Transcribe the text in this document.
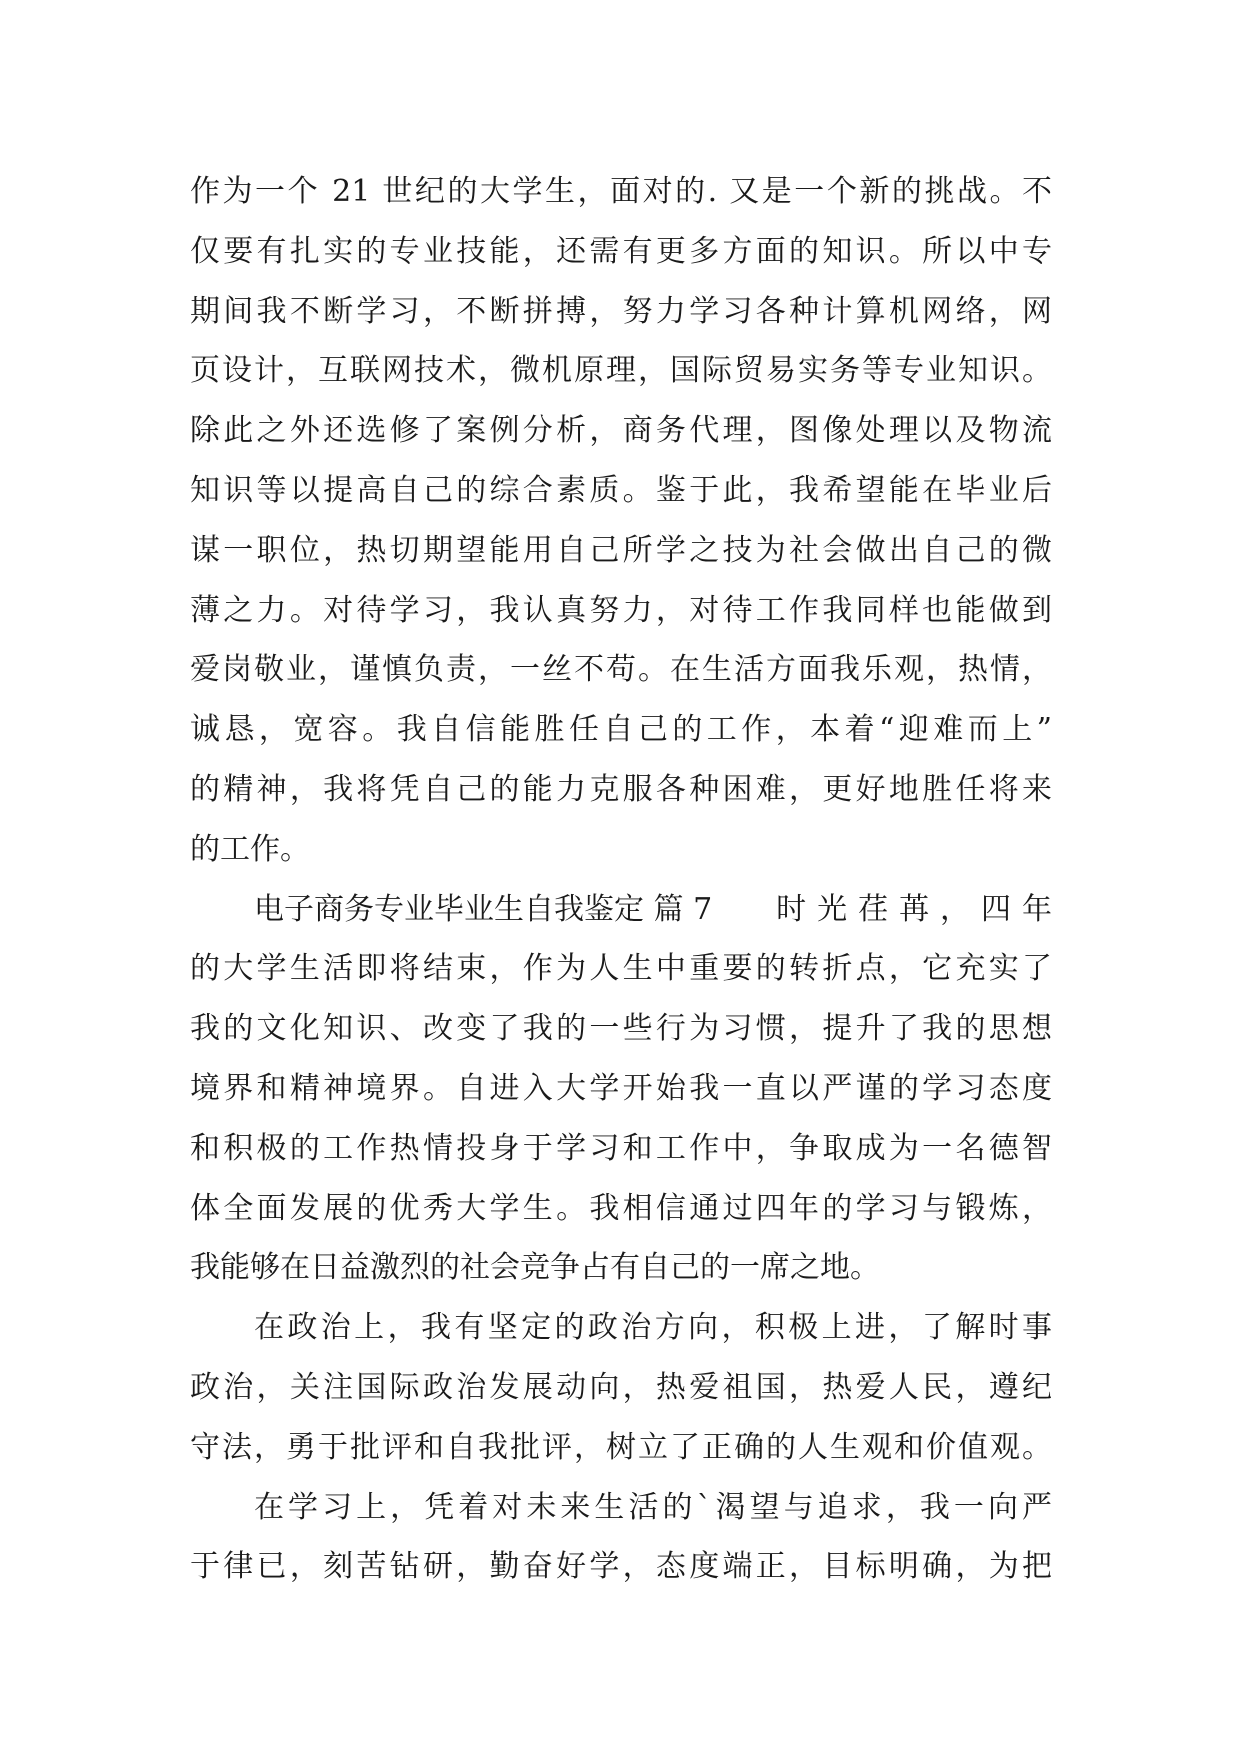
作为一个 21 世纪的大学生，面对的. 又是一个新的挑战。不
仅要有扎实的专业技能，还需有更多方面的知识。所以中专
期间我不断学习，不断拼搏，努力学习各种计算机网络，网
页设计，互联网技术，微机原理，国际贸易实务等专业知识。
除此之外还选修了案例分析，商务代理，图像处理以及物流
知识等以提高自己的综合素质。鉴于此，我希望能在毕业后
谋一职位，热切期望能用自己所学之技为社会做出自己的微
薄之力。对待学习，我认真努力，对待工作我同样也能做到
爱岗敬业，谨慎负责，一丝不苟。在生活方面我乐观，热情，
诚恳，宽容。我自信能胜任自己的工作，本着“迎难而上”
的精神，我将凭自己的能力克服各种困难，更好地胜任将来
的工作。
电子商务专业毕业生自我鉴定 篇 7	时光荏苒，四年
的大学生活即将结束，作为人生中重要的转折点，它充实了
我的文化知识、改变了我的一些行为习惯，提升了我的思想
境界和精神境界。自进入大学开始我一直以严谨的学习态度
和积极的工作热情投身于学习和工作中，争取成为一名德智
体全面发展的优秀大学生。我相信通过四年的学习与锻炼，
我能够在日益激烈的社会竞争占有自己的一席之地。
在政治上，我有坚定的政治方向，积极上进，了解时事
政治，关注国际政治发展动向，热爱祖国，热爱人民，遵纪
守法，勇于批评和自我批评，树立了正确的人生观和价值观。
在学习上，凭着对未来生活的`渴望与追求，我一向严
于律已，刻苦钻研，勤奋好学，态度端正，目标明确，为把
